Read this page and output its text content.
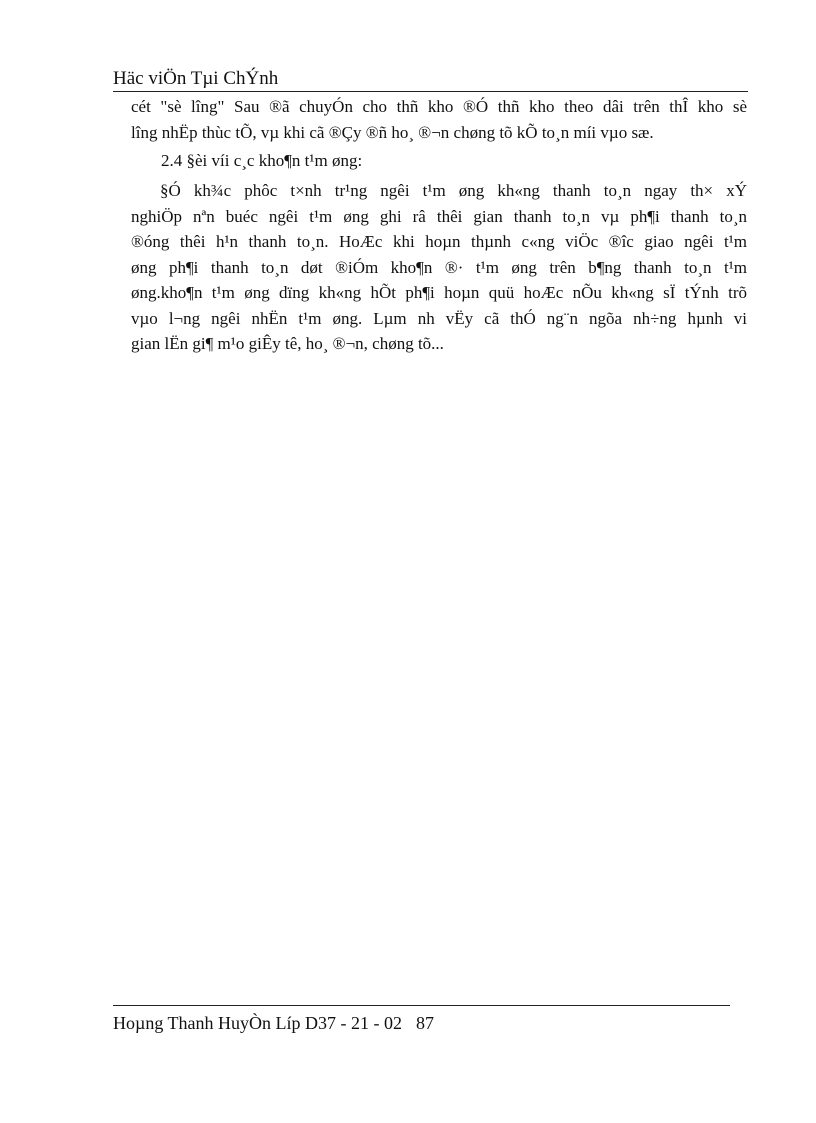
Häc viÖn Tµi ChÝnh
cét "sè lîng" Sau ®ã chuyÓn cho thñ kho ®Ó thñ kho theo dâi trên thÎ kho sè
lîng nhËp thùc tÕ, vµ khi cã ®Çy ®ñ ho¸ ®¬n chøng tõ kÕ to¸n míi vµo sæ.
2.4 §èi víi c¸c kho¶n t¹m øng:
§Ó kh¾c phôc t×nh tr¹ng ngêi t¹m øng kh«ng thanh to¸n ngay th× xÝ
nghiÖp nªn buéc ngêi t¹m øng ghi râ thêi gian thanh to¸n vµ ph¶i thanh to¸n
®óng thêi h¹n thanh to¸n. HoÆc khi hoµn thµnh c«ng viÖc ®îc giao ngêi t¹m
øng ph¶i thanh to¸n døt ®iÓm kho¶n ®· t¹m øng trên b¶ng thanh to¸n t¹m
øng.kho¶n t¹m øng dïng kh«ng hÕt ph¶i hoµn quü hoÆc nÕu kh«ng sÏ tÝnh trõ
vµo l¬ng ngêi nhËn t¹m øng. Lµm nh vËy cã thÓ ng¨n ngõa nh÷ng hµnh vi
gian lËn gi¶ m¹o giÊy tê, ho¸ ®¬n, chøng tõ...
Hoµng Thanh HuyÒn Líp D37 - 21 - 02 87
